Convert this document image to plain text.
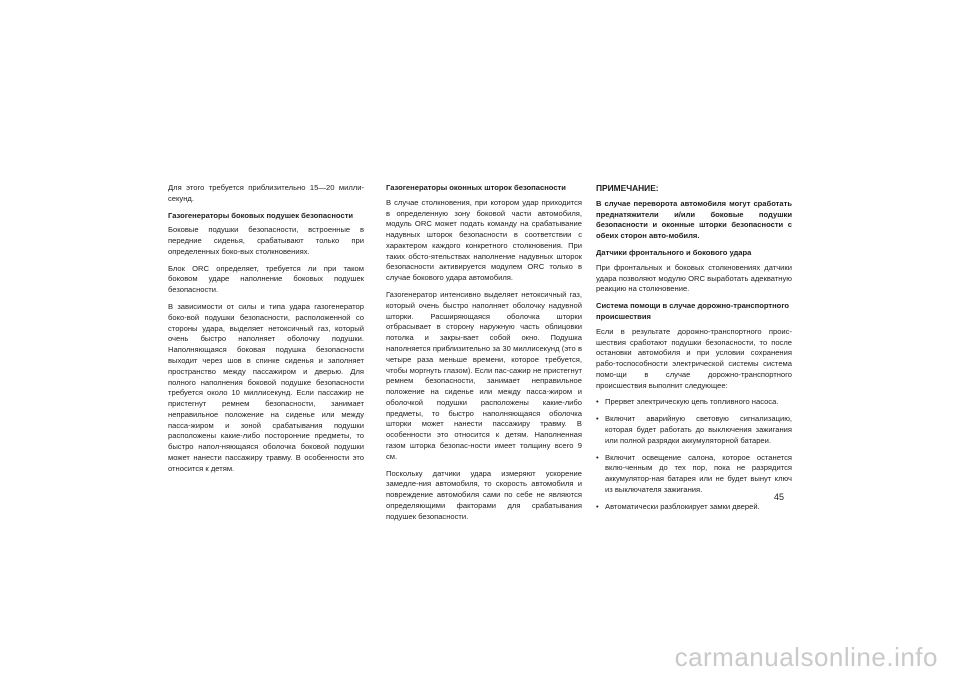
Для этого требуется приблизительно 15—20 милли-секунд.

Газогенераторы боковых подушек безопасности

Боковые подушки безопасности, встроенные в передние сиденья, срабатывают только при определенных боко-вых столкновениях.

Блок ORC определяет, требуется ли при таком боковом ударе наполнение боковых подушек безопасности.

В зависимости от силы и типа удара газогенератор боко-вой подушки безопасности, расположенной со стороны удара, выделяет нетоксичный газ, который очень быстро наполняет оболочку подушки. Наполняющаяся боковая подушка безопасности выходит через шов в спинке сиденья и заполняет пространство между пассажиром и дверью. Для полного наполнения боковой подушке безопасности требуется около 10 миллисекунд. Если пассажир не пристегнут ремнем безопасности, занимает неправильное положение на сиденье или между пасса-жиром и зоной срабатывания подушки расположены какие-либо посторонние предметы, то быстро напол-няющаяся оболочка боковой подушки может нанести пассажиру травму. В особенности это относится к детям.

Газогенераторы оконных шторок безопасности

В случае столкновения, при котором удар приходится в определенную зону боковой части автомобиля, модуль ORC может подать команду на срабатывание надувных шторок безопасности в соответствии с характером каждого конкретного столкновения. При таких обсто-ятельствах наполнение надувных шторок безопасности активируется модулем ORC только в случае бокового удара автомобиля.

Газогенератор интенсивно выделяет нетоксичный газ, который очень быстро наполняет оболочку надувной шторки. Расширяющаяся оболочка шторки отбрасывает в сторону наружную часть облицовки потолка и закры-вает собой окно. Подушка наполняется приблизительно за 30 миллисекунд (это в четыре раза меньше времени, которое требуется, чтобы моргнуть глазом). Если пас-сажир не пристегнут ремнем безопасности, занимает неправильное положение на сиденье или между пасса-жиром и оболочкой подушки расположены какие-либо предметы, то быстро наполняющаяся оболочка шторки может нанести пассажиру травму. В особенности это относится к детям. Наполненная газом шторка безопас-ности имеет толщину всего 9 см.

Поскольку датчики удара измеряют ускорение замедле-ния автомобиля, то скорость автомобиля и повреждение автомобиля сами по себе не являются определяющими факторами для срабатывания подушек безопасности.

ПРИМЕЧАНИЕ:

В случае переворота автомобиля могут сработать преднатяжители и/или боковые подушки безопасности и оконные шторки безопасности с обеих сторон авто-мобиля.

Датчики фронтального и бокового удара

При фронтальных и боковых столкновениях датчики удара позволяют модулю ORC выработать адекватную реакцию на столкновение.

Система помощи в случае дорожно-транспортного происшествия

Если в результате дорожно-транспортного проис-шествия сработают подушки безопасности, то после остановки автомобиля и при условии сохранения рабо-тоспособности электрической системы система помо-щи в случае дорожно-транспортного происшествия выполнит следующее:

• Прервет электрическую цепь топливного насоса.
• Включит аварийную световую сигнализацию, которая будет работать до выключения зажигания или полной разрядки аккумуляторной батареи.
• Включит освещение салона, которое останется вклю-ченным до тех пор, пока не разрядится аккумулятор-ная батарея или не будет вынут ключ из выключателя зажигания.
• Автоматически разблокирует замки дверей.
45
carmanualsonline.info
